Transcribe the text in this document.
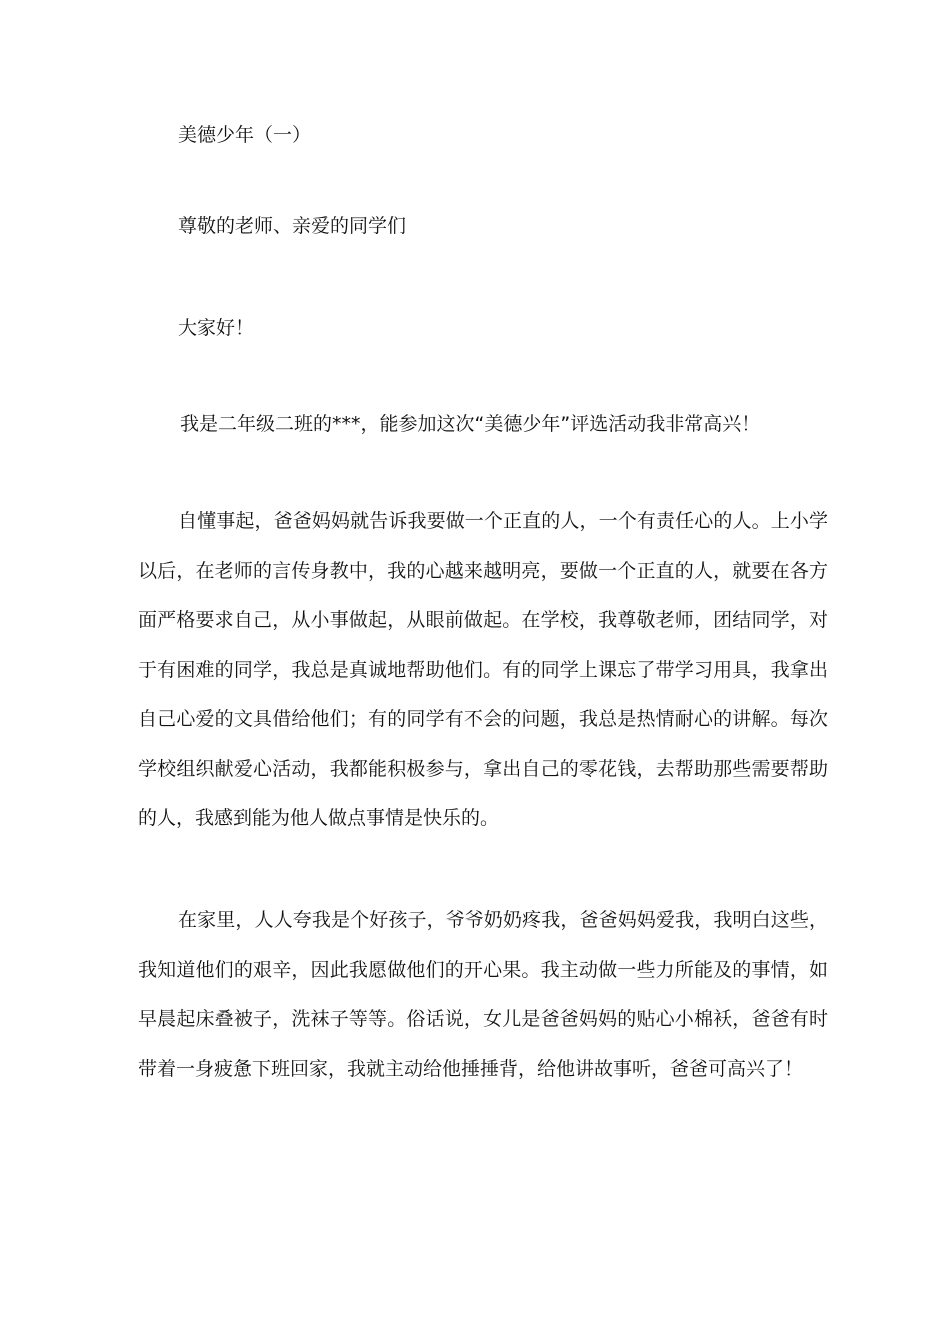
美德少年（一）

尊敬的老师、亲爱的同学们

大家好！

我是二年级二班的***，能参加这次“美德少年”评选活动我非常高兴！

自懂事起，爸爸妈妈就告诉我要做一个正直的人，一个有责任心的人。上小学以后，在老师的言传身教中，我的心越来越明亮，要做一个正直的人，就要在各方面严格要求自己，从小事做起，从眼前做起。在学校，我尊敬老师，团结同学，对于有困难的同学，我总是真诚地帮助他们。有的同学上课忘了带学习用具，我拿出自己心爱的文具借给他们；有的同学有不会的问题，我总是热情耐心的讲解。每次学校组织献爱心活动，我都能积极参与，拿出自己的零花钱，去帮助那些需要帮助的人，我感到能为他人做点事情是快乐的。

在家里，人人夸我是个好孩子，爷爷奶奶疼我，爸爸妈妈爱我，我明白这些，我知道他们的艰辛，因此我愿做他们的开心果。我主动做一些力所能及的事情，如早晨起床叠被子，洗袜子等等。俗话说，女儿是爸爸妈妈的贴心小棉袄，爸爸有时带着一身疲惫下班回家，我就主动给他捶捶背，给他讲故事听，爸爸可高兴了！
